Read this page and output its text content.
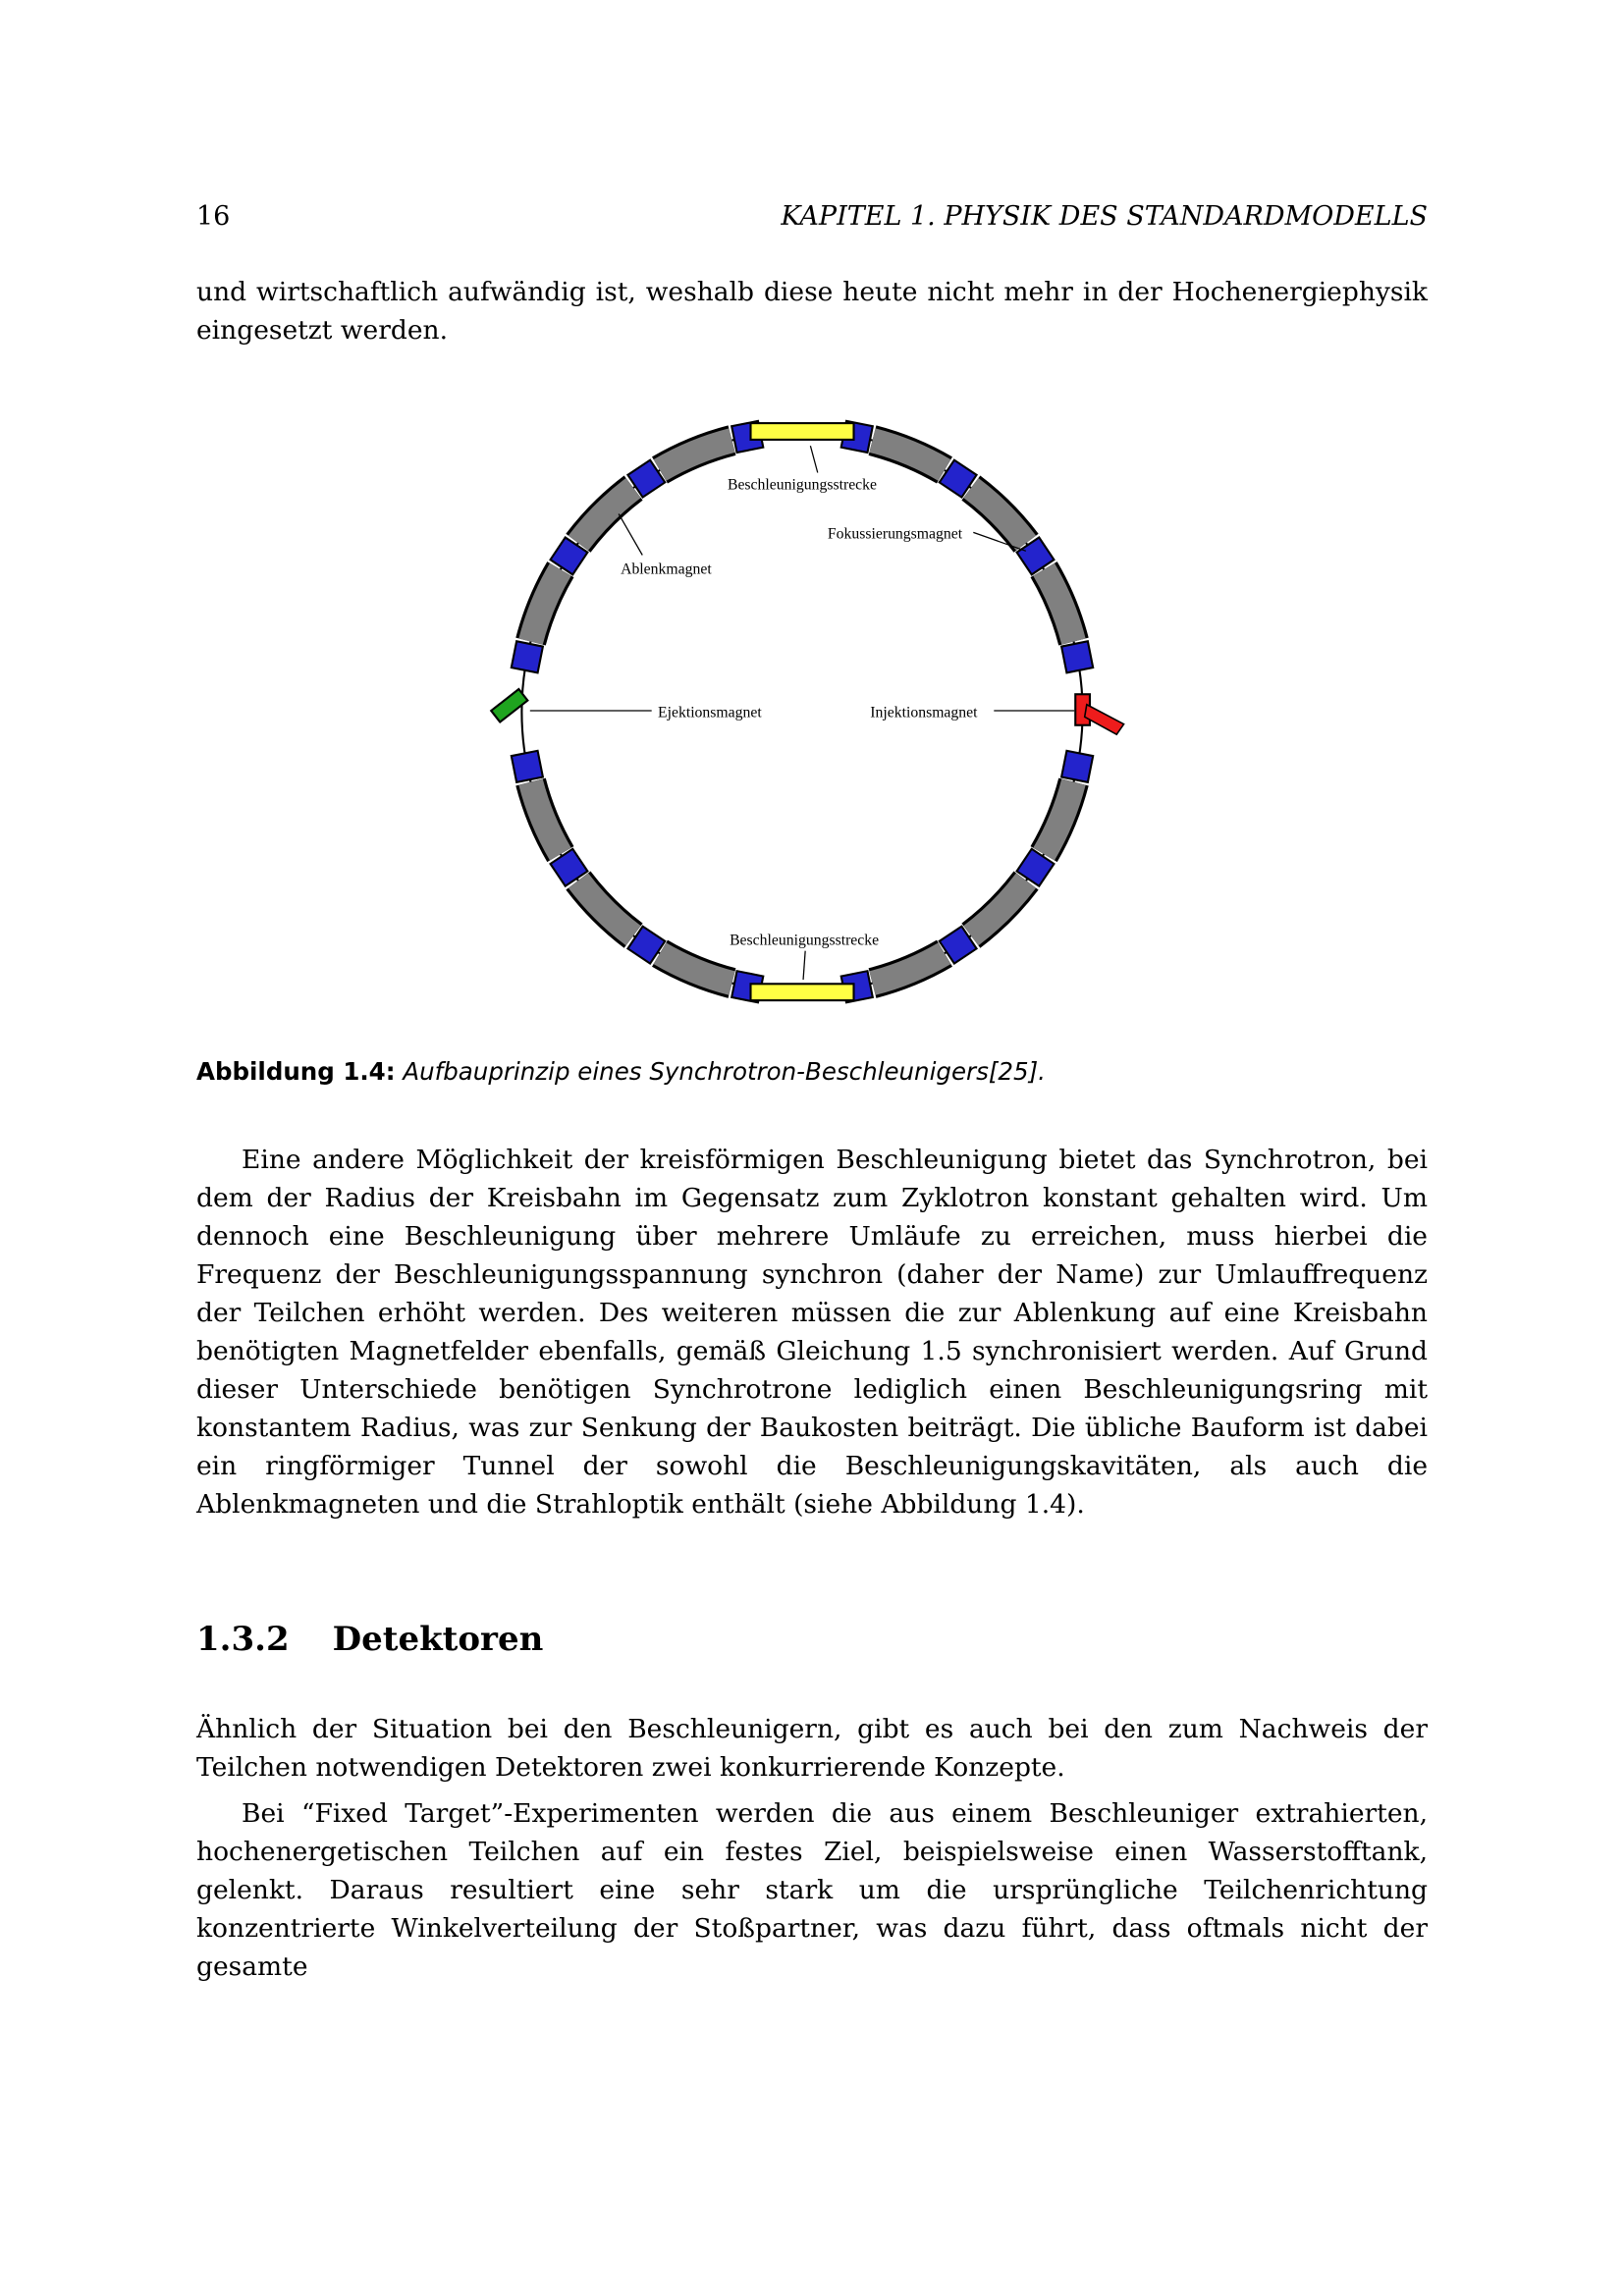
16	KAPITEL 1. PHYSIK DES STANDARDMODELLS

und wirtschaftlich aufwändig ist, weshalb diese heute nicht mehr in der Hochenergiephysik eingesetzt werden.

Beschleunigungsstrecke
Ablenkmagnet
Fokussierungsmagnet
Ejektionsmagnet	Injektionsmagnet
Beschleunigungsstrecke
Abbildung 1.4: Aufbauprinzip eines Synchrotron-Beschleunigers[25].

Eine andere Möglichkeit der kreisförmigen Beschleunigung bietet das Synchrotron, bei dem der Radius der Kreisbahn im Gegensatz zum Zyklotron konstant gehalten wird. Um dennoch eine Beschleunigung über mehrere Umläufe zu erreichen, muss hierbei die Frequenz der Beschleunigungsspannung synchron (daher der Name) zur Umlauffrequenz der Teilchen erhöht werden. Des weiteren müssen die zur Ablenkung auf eine Kreisbahn benötigten Magnetfelder ebenfalls, gemäß Gleichung 1.5 synchronisiert werden. Auf Grund dieser Unterschiede benötigen Synchrotrone lediglich einen Beschleunigungsring mit konstantem Radius, was zur Senkung der Baukosten beiträgt. Die übliche Bauform ist dabei ein ringförmiger Tunnel der sowohl die Beschleunigungskavitäten, als auch die Ablenkmagneten und die Strahloptik enthält (siehe Abbildung 1.4).

1.3.2 Detektoren

Ähnlich der Situation bei den Beschleunigern, gibt es auch bei den zum Nachweis der Teilchen notwendigen Detektoren zwei konkurrierende Konzepte.

Bei “Fixed Target”-Experimenten werden die aus einem Beschleuniger extrahierten, hochenergetischen Teilchen auf ein festes Ziel, beispielsweise einen Wasserstofftank, gelenkt. Daraus resultiert eine sehr stark um die ursprüngliche Teilchenrichtung konzentrierte Winkelverteilung der Stoßpartner, was dazu führt, dass oftmals nicht der gesamte
